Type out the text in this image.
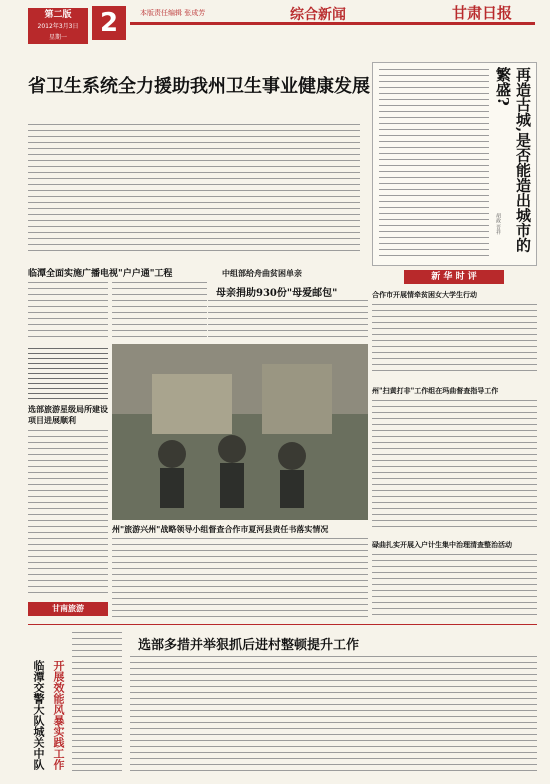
第二版
2012年3月3日
星期一	2	本版责任编辑 张成芳	综合新闻	甘肃日报
省卫生系统全力援助我州卫生事业健康发展	再造古城,是否能造出城市的繁盛?
胡政 晋祥
临潭全面实施广播电视"户户通"工程	中组部给舟曲贫困单亲
母亲捐助930份"母爱邮包"
选部旅游星级局所建设项目进展顺利
甘南旅游
州"旅游兴州"战略领导小组督查合作市夏河县责任书落实情况
新 华 时 评
合作市开展情牵贫困女大学生行动
州"扫黄打非"工作组在玛曲督查指导工作
碌曲扎实开展入户计生集中治理清查整治活动
临潭交警大队城关中队 开展效能风暴实践工作
选部多措并举狠抓后进村整顿提升工作
